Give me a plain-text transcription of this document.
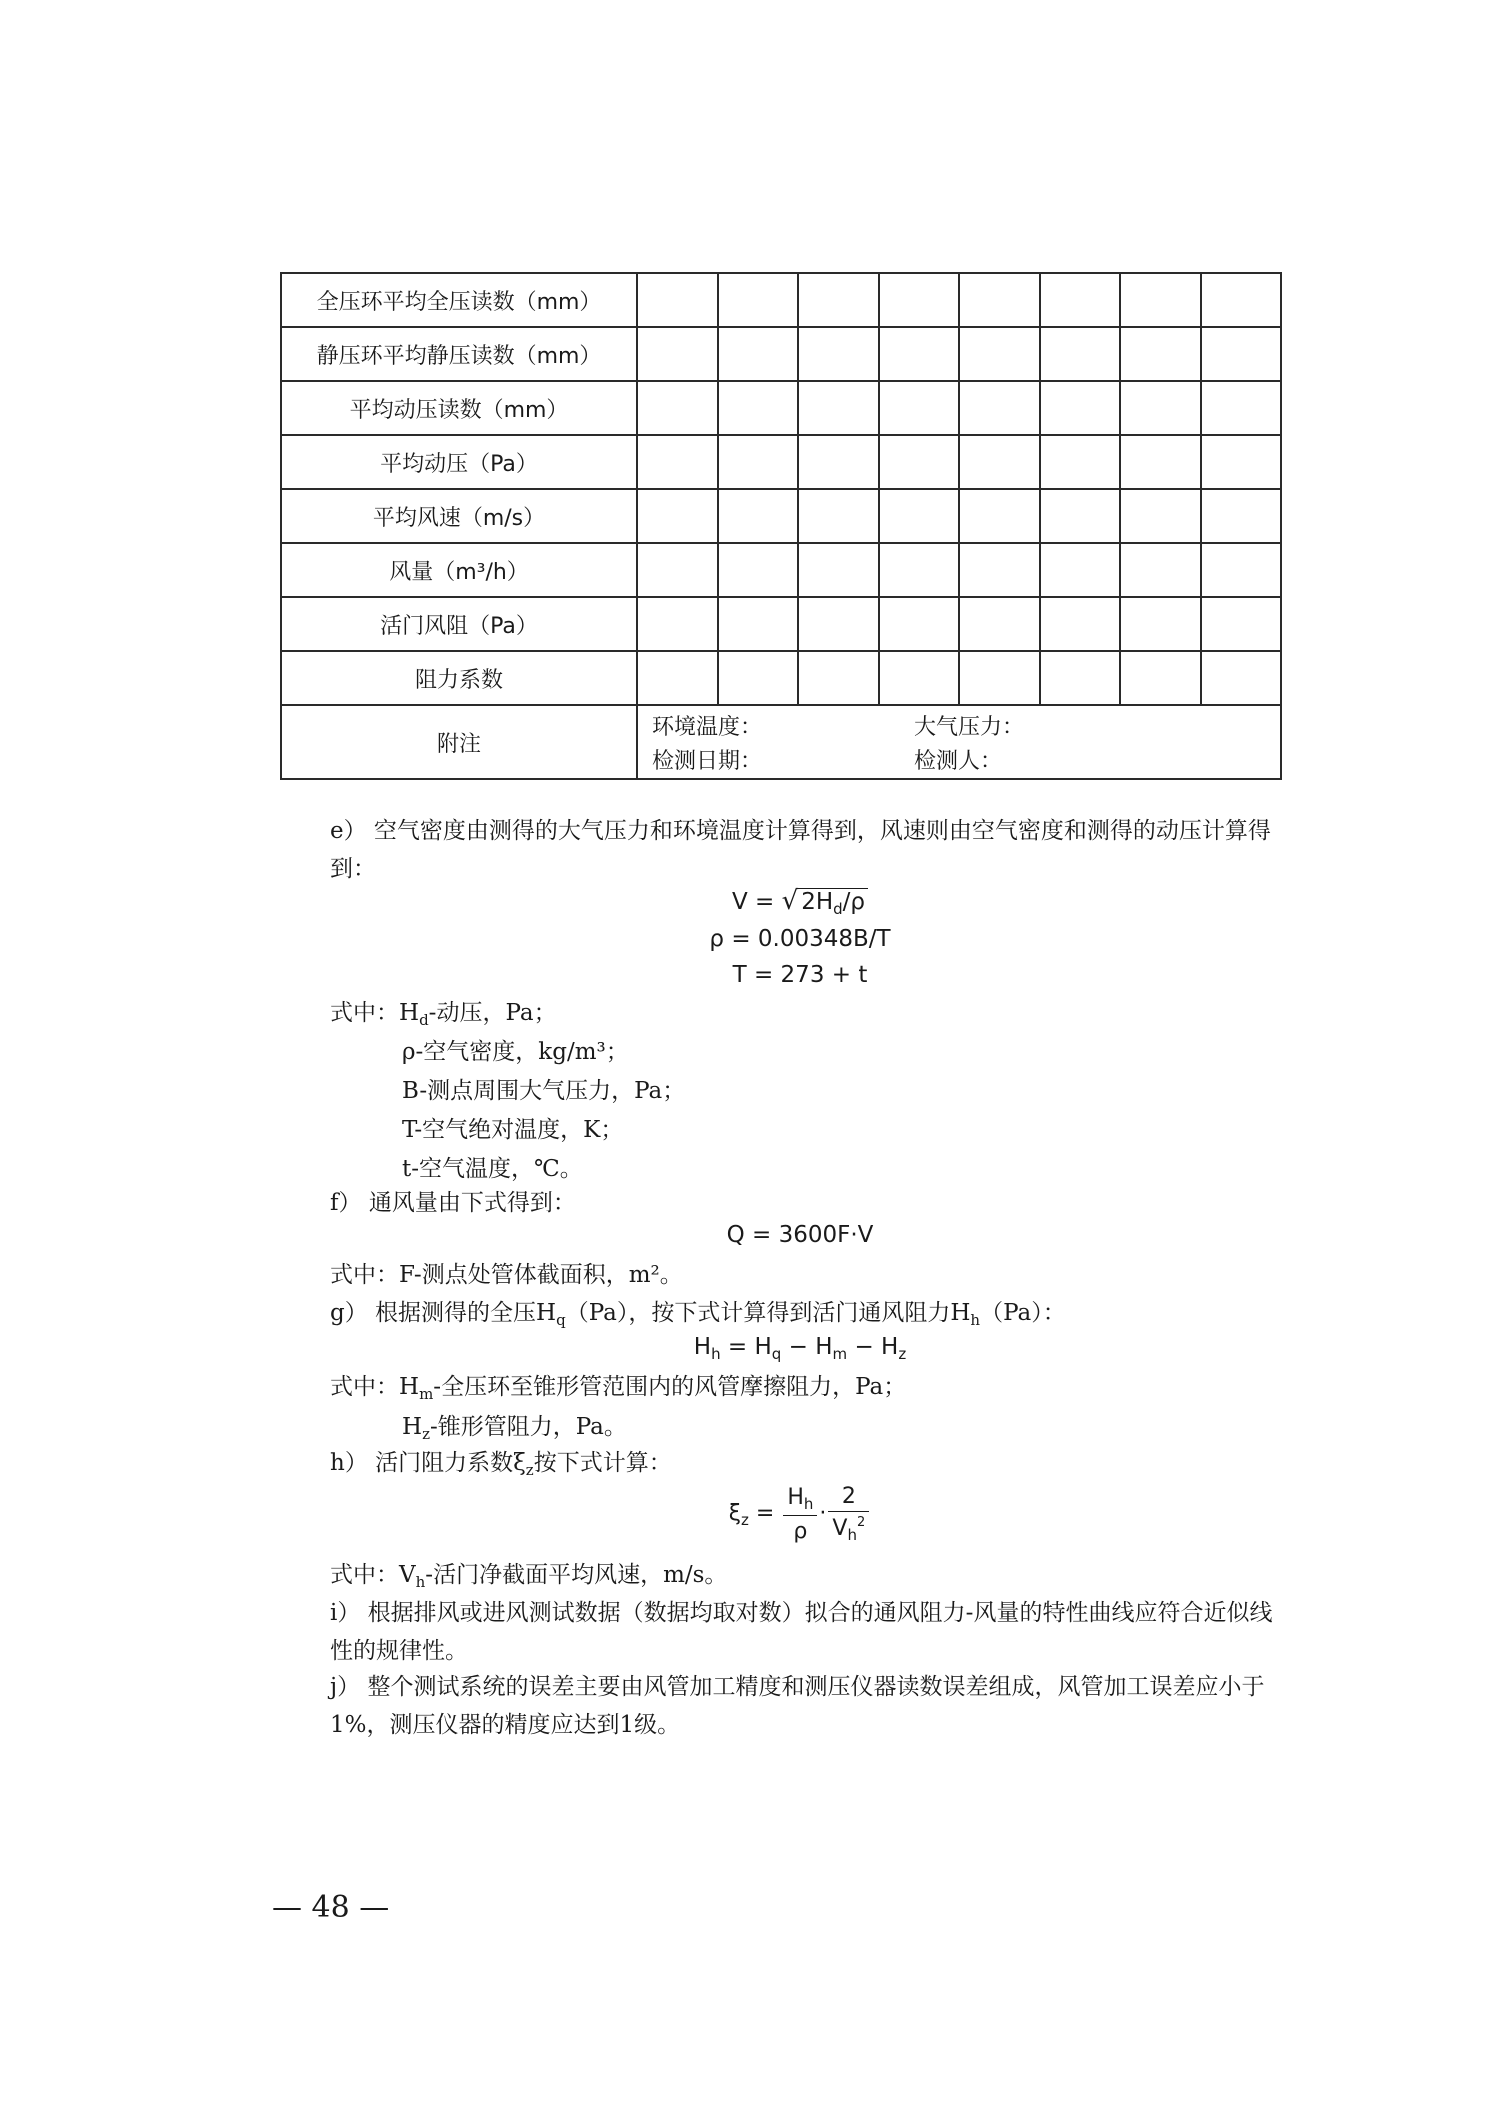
全压环平均全压读数（mm）								
静压环平均静压读数（mm）								
平均动压读数（mm）								
平均动压（Pa）								
平均风速（m/s）								
风量（m³/h）								
活门风阻（Pa）								
阻力系数								
附注	环境温度： 大气压力：
检测日期： 检测人：							
e） 空气密度由测得的大气压力和环境温度计算得到，风速则由空气密度和测得的动压计算得到：
V = √ $2H_d/\rho$
ρ = 0.00348B/T
T = 273 + t
式中：$H_d-$动压，Pa；
ρ-空气密度，kg/m³；
B-测点周围大气压力，Pa；
T-空气绝对温度，K；
t-空气温度，℃。
f） 通风量由下式得到：
Q = 3600F·V
式中：F-测点处管体截面积，m²。
g） 根据测得的全压$H_q(Pa)$，按下式计算得到活门通风阻力$H_h(Pa)$：
$H_h = H_q - H_m - H_z$
式中：$H_m-$全压环至锥形管范围内的风管摩擦阻力，Pa；
$H_z-$锥形管阻力，Pa。
h） 活门阻力系数$\xi_z$按下式计算：
$\xi_z = \frac{H_h}{\rho} \cdot \frac{2}{V_h^2}$
式中：$V_h-$活门净截面平均风速，m/s。
i） 根据排风或进风测试数据（数据均取对数）拟合的通风阻力-风量的特性曲线应符合近似线性的规律性。
j） 整个测试系统的误差主要由风管加工精度和测压仪器读数误差组成，风管加工误差应小于1%，测压仪器的精度应达到1级。
— 48 —
